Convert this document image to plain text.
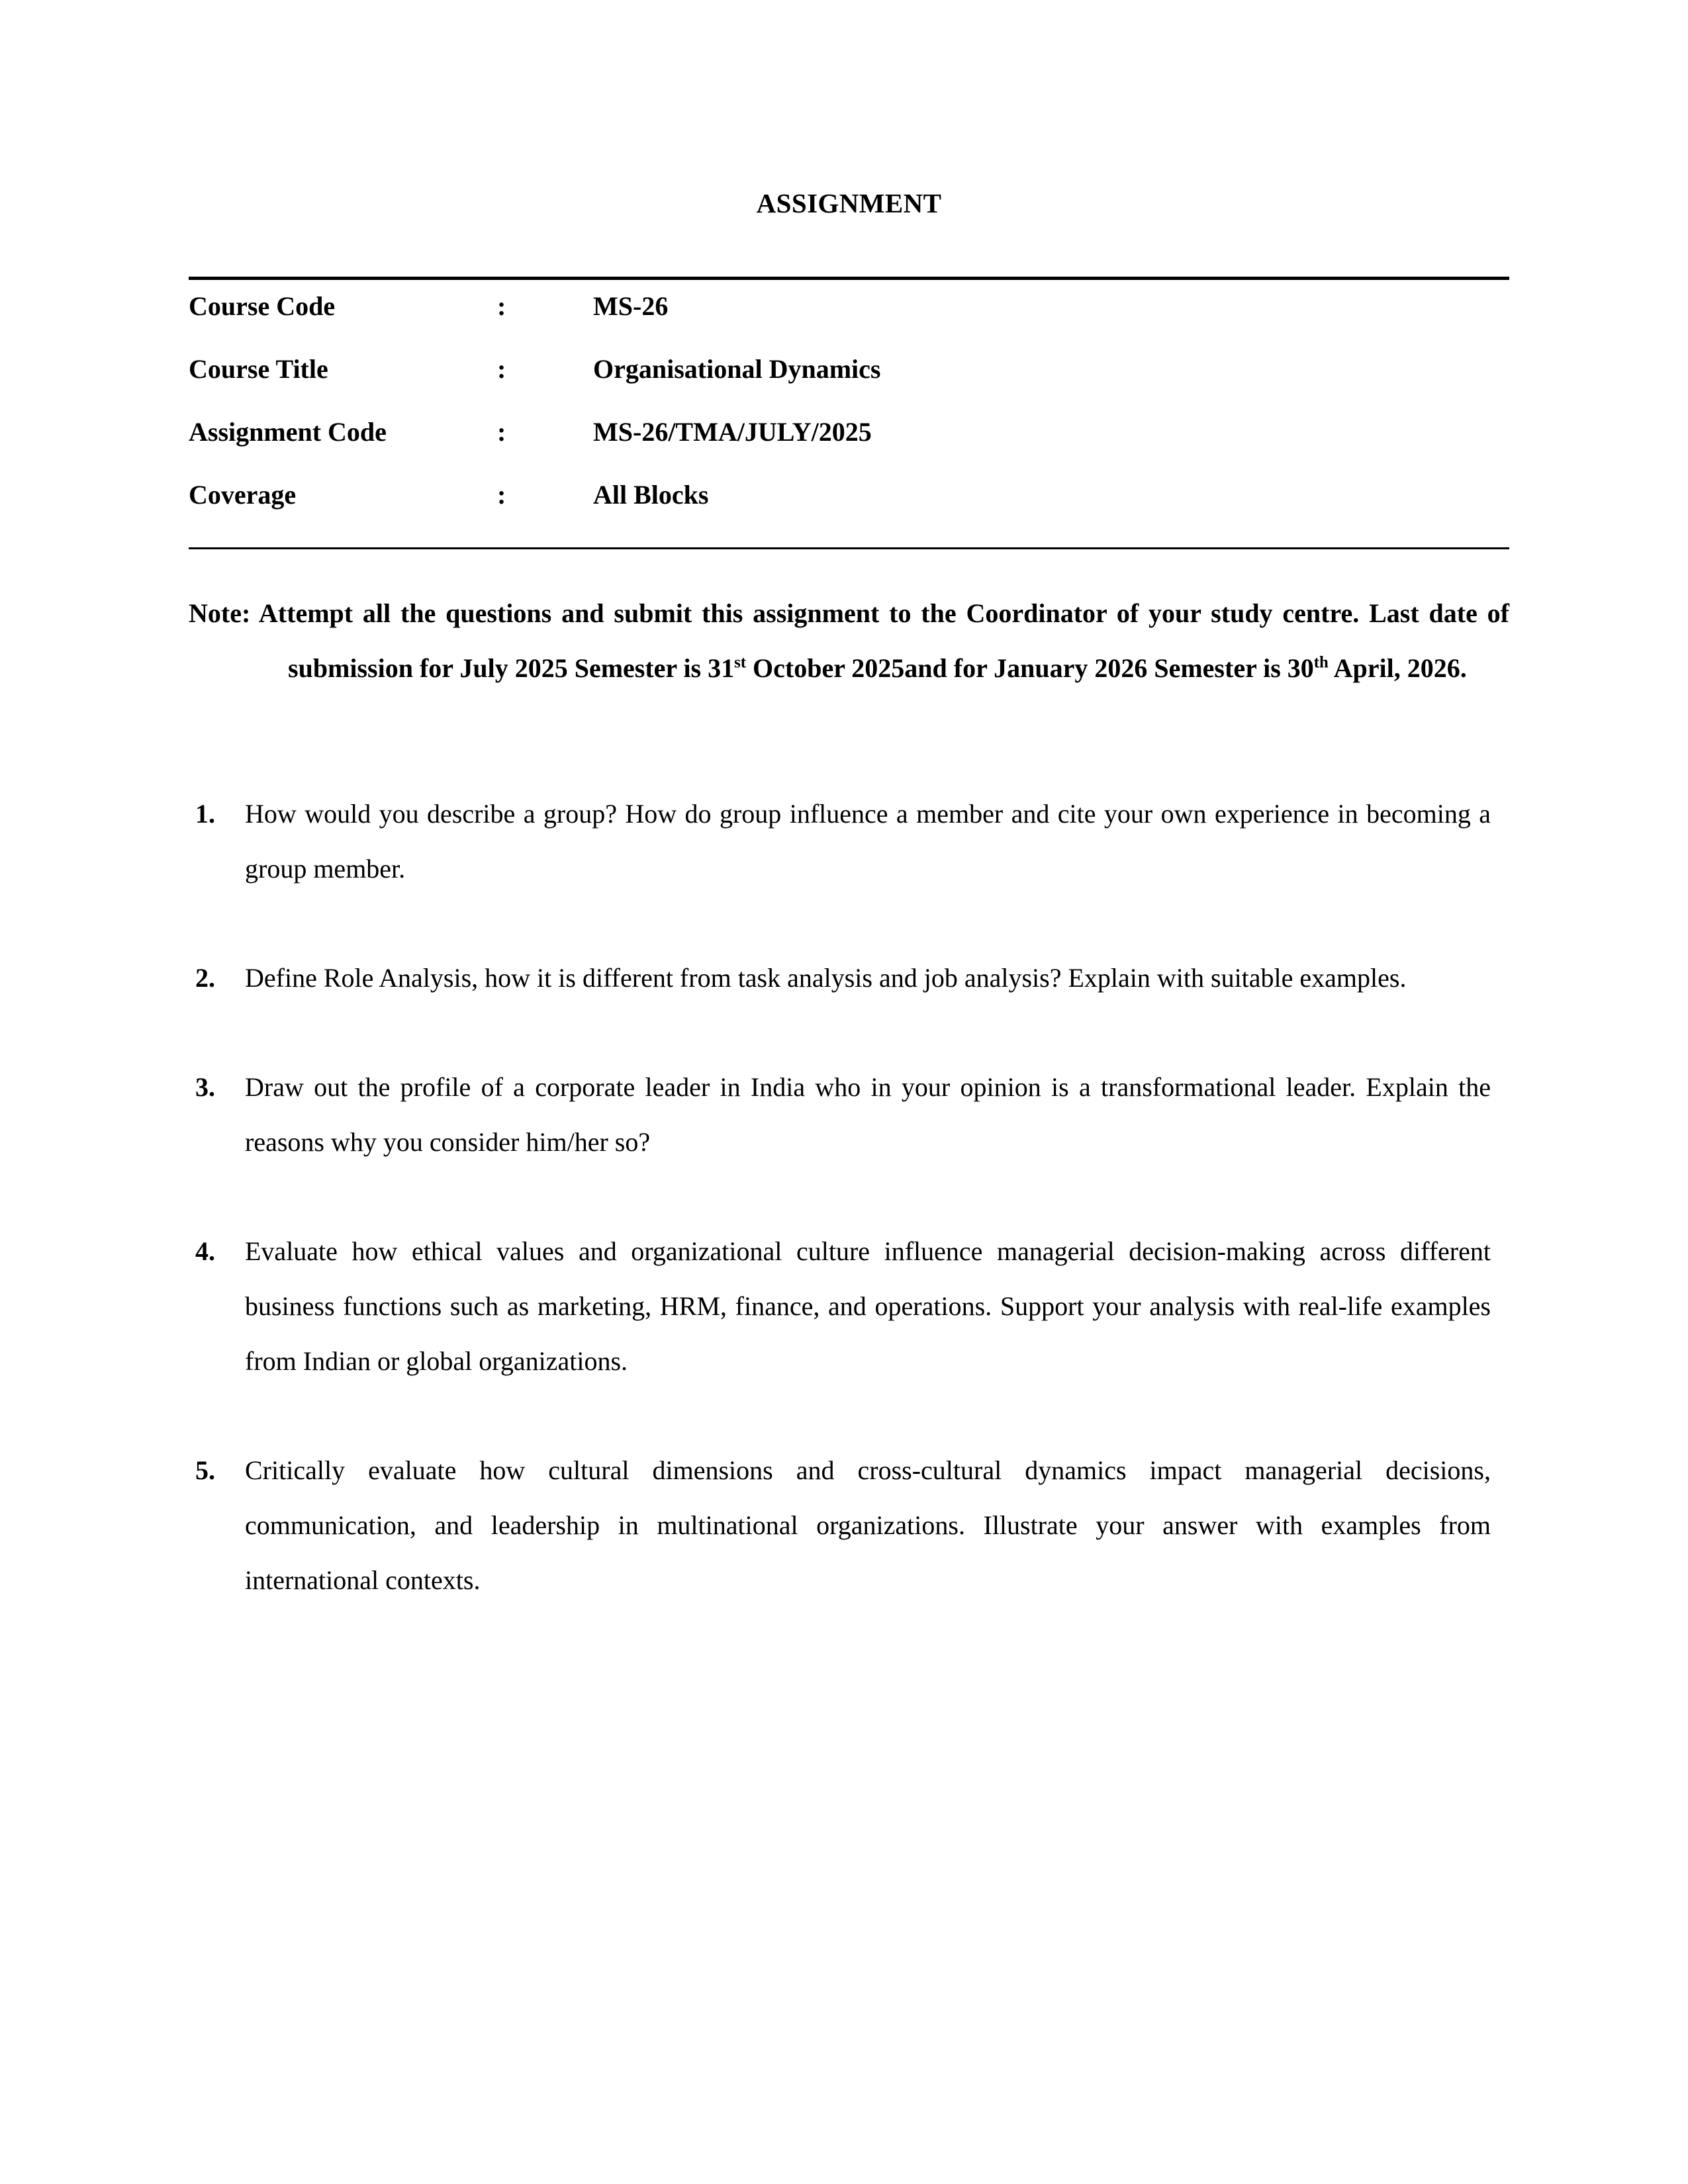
ASSIGNMENT
Course Code	:	MS-26
Course Title	:	Organisational Dynamics
Assignment Code	:	MS-26/TMA/JULY/2025
Coverage	:	All Blocks

Note: Attempt all the questions and submit this assignment to the Coordinator of your study centre. Last date of submission for July 2025 Semester is 31st October 2025and for January 2026 Semester is 30th April, 2026.

1.	How would you describe a group? How do group influence a member and cite your own experience in becoming a group member.
2.	Define Role Analysis, how it is different from task analysis and job analysis? Explain with suitable examples.
3.	Draw out the profile of a corporate leader in India who in your opinion is a transformational leader. Explain the reasons why you consider him/her so?
4.	Evaluate how ethical values and organizational culture influence managerial decision-making across different business functions such as marketing, HRM, finance, and operations. Support your analysis with real-life examples from Indian or global organizations.
5.	Critically evaluate how cultural dimensions and cross-cultural dynamics impact managerial decisions, communication, and leadership in multinational organizations. Illustrate your answer with examples from international contexts.
